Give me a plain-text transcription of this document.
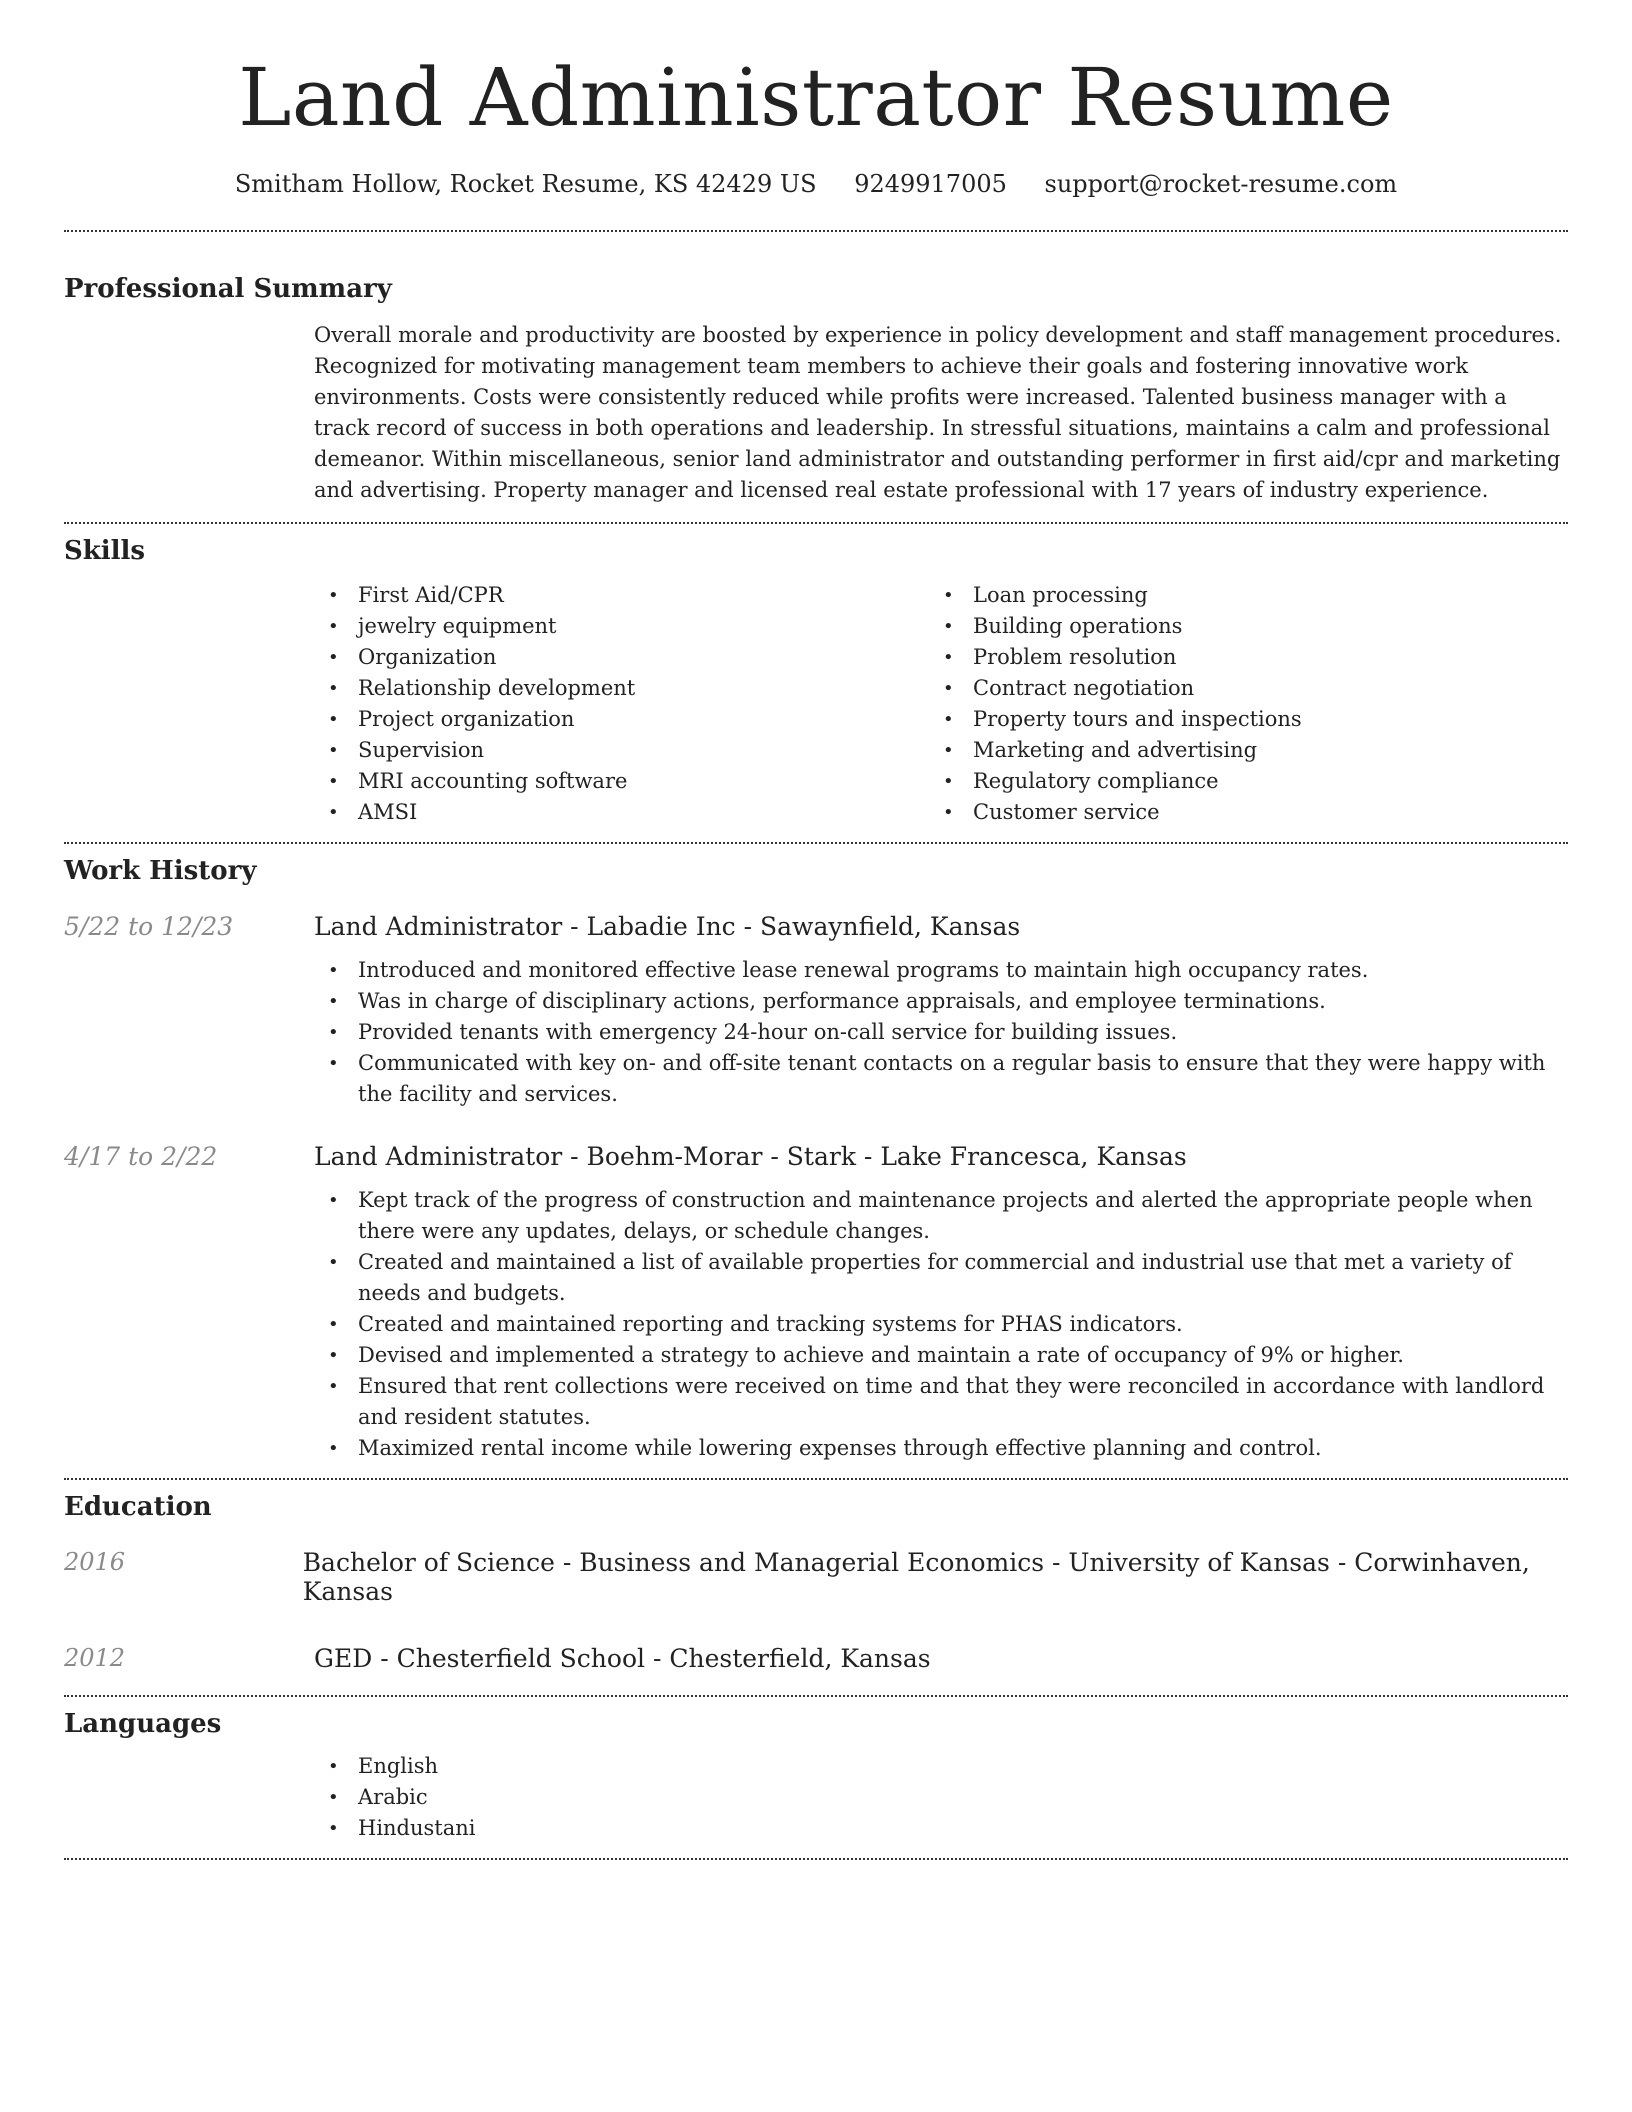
Land Administrator Resume
Smitham Hollow, Rocket Resume, KS 42429 US 9249917005 support@rocket-resume.com
Professional Summary

Overall morale and productivity are boosted by experience in policy development and staff management procedures. Recognized for motivating management team members to achieve their goals and fostering innovative work environments. Costs were consistently reduced while profits were increased. Talented business manager with a track record of success in both operations and leadership. In stressful situations, maintains a calm and professional demeanor. Within miscellaneous, senior land administrator and outstanding performer in first aid/cpr and marketing and advertising. Property manager and licensed real estate professional with 17 years of industry experience.

Skills
• First Aid/CPR
• jewelry equipment
• Organization
• Relationship development
• Project organization
• Supervision
• MRI accounting software
• AMSI
• Loan processing
• Building operations
• Problem resolution
• Contract negotiation
• Property tours and inspections
• Marketing and advertising
• Regulatory compliance
• Customer service
Work History
5/22 to 12/23	Land Administrator - Labadie Inc - Sawaynfield, Kansas
• Introduced and monitored effective lease renewal programs to maintain high occupancy rates.
• Was in charge of disciplinary actions, performance appraisals, and employee terminations.
• Provided tenants with emergency 24-hour on-call service for building issues.
• Communicated with key on- and off-site tenant contacts on a regular basis to ensure that they were happy with the facility and services.
4/17 to 2/22	Land Administrator - Boehm-Morar - Stark - Lake Francesca, Kansas
• Kept track of the progress of construction and maintenance projects and alerted the appropriate people when there were any updates, delays, or schedule changes.
• Created and maintained a list of available properties for commercial and industrial use that met a variety of needs and budgets.
• Created and maintained reporting and tracking systems for PHAS indicators.
• Devised and implemented a strategy to achieve and maintain a rate of occupancy of 9% or higher.
• Ensured that rent collections were received on time and that they were reconciled in accordance with landlord and resident statutes.
• Maximized rental income while lowering expenses through effective planning and control.
Education
2016	Bachelor of Science - Business and Managerial Economics - University of Kansas - Corwinhaven, Kansas
2012	GED - Chesterfield School - Chesterfield, Kansas
Languages
• English
• Arabic
• Hindustani
